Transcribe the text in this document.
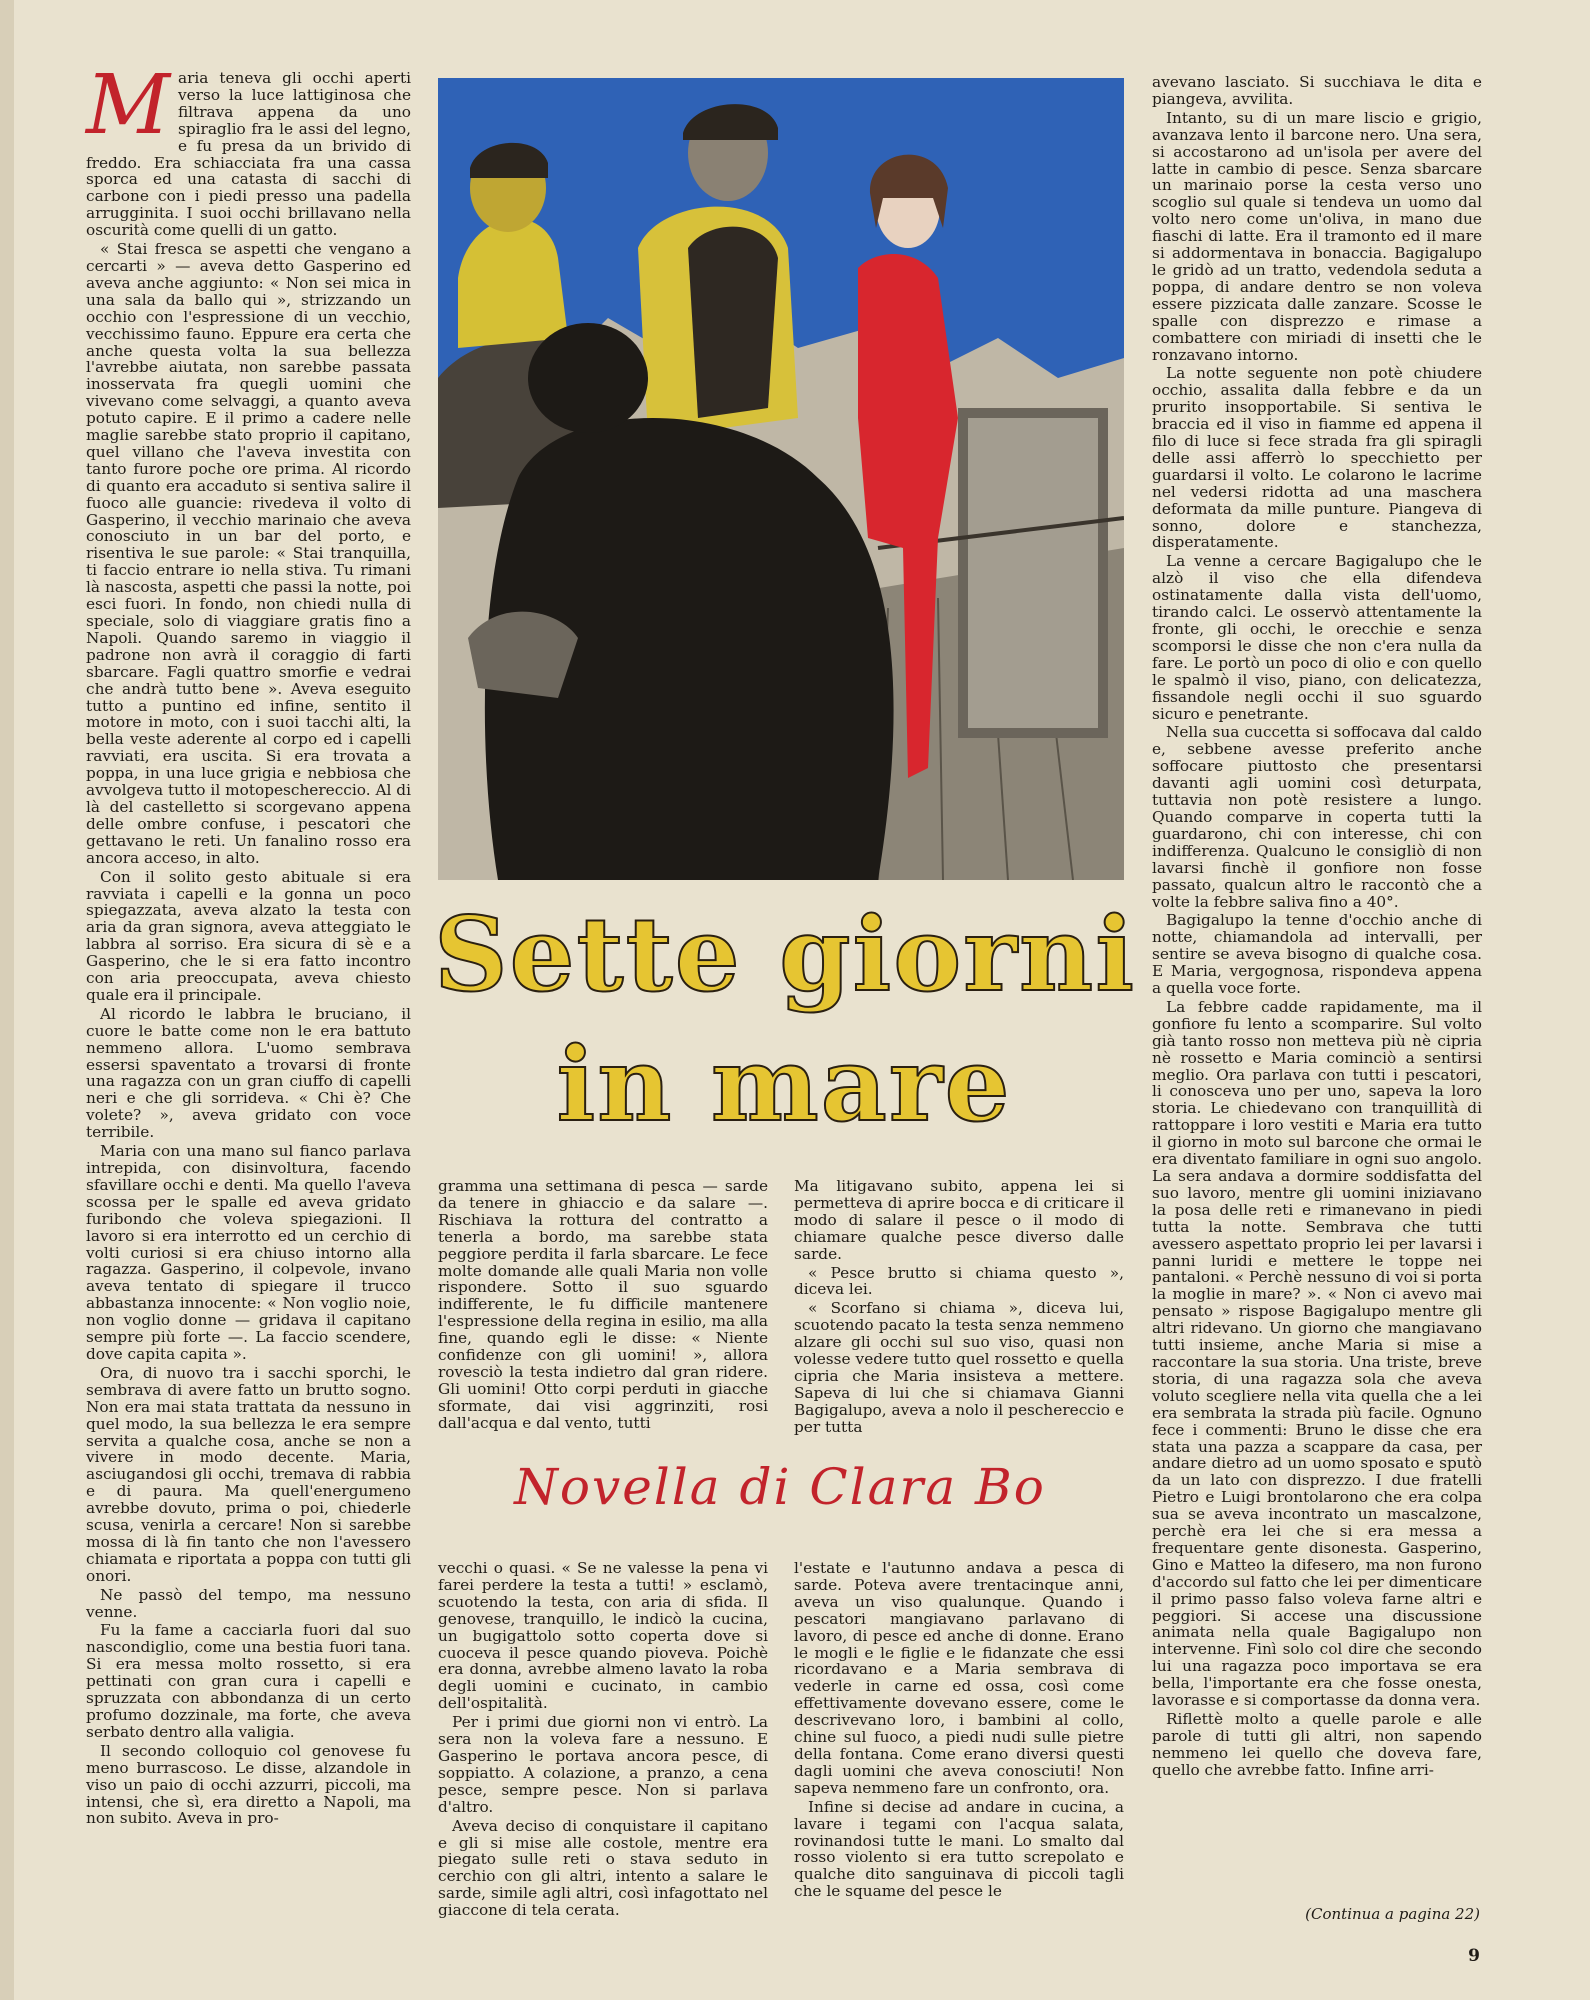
M aria teneva gli occhi aperti verso la luce lattiginosa che filtrava appena da uno spiraglio fra le assi del legno, e fu presa da un brivido di freddo. Era schiacciata fra una cassa sporca ed una catasta di sacchi di carbone con i piedi presso una padella arrugginita. I suoi occhi brillavano nella oscurità come quelli di un gatto.

« Stai fresca se aspetti che vengano a cercarti » — aveva detto Gasperino ed aveva anche aggiunto: « Non sei mica in una sala da ballo qui », strizzando un occhio con l'espressione di un vecchio, vecchissimo fauno. Eppure era certa che anche questa volta la sua bellezza l'avrebbe aiutata, non sarebbe passata inosservata fra quegli uomini che vivevano come selvaggi, a quanto aveva potuto capire. E il primo a cadere nelle maglie sarebbe stato proprio il capitano, quel villano che l'aveva investita con tanto furore poche ore prima. Al ricordo di quanto era accaduto si sentiva salire il fuoco alle guancie: rivedeva il volto di Gasperino, il vecchio marinaio che aveva conosciuto in un bar del porto, e risentiva le sue parole: « Stai tranquilla, ti faccio entrare io nella stiva. Tu rimani là nascosta, aspetti che passi la notte, poi esci fuori. In fondo, non chiedi nulla di speciale, solo di viaggiare gratis fino a Napoli. Quando saremo in viaggio il padrone non avrà il coraggio di farti sbarcare. Fagli quattro smorfie e vedrai che andrà tutto bene ». Aveva eseguito tutto a puntino ed infine, sentito il motore in moto, con i suoi tacchi alti, la bella veste aderente al corpo ed i capelli ravviati, era uscita. Si era trovata a poppa, in una luce grigia e nebbiosa che avvolgeva tutto il motopeschereccio. Al di là del castelletto si scorgevano appena delle ombre confuse, i pescatori che gettavano le reti. Un fanalino rosso era ancora acceso, in alto.

Con il solito gesto abituale si era ravviata i capelli e la gonna un poco spiegazzata, aveva alzato la testa con aria da gran signora, aveva atteggiato le labbra al sorriso. Era sicura di sè e a Gasperino, che le si era fatto incontro con aria preoccupata, aveva chiesto quale era il principale.

Al ricordo le labbra le bruciano, il cuore le batte come non le era battuto nemmeno allora. L'uomo sembrava essersi spaventato a trovarsi di fronte una ragazza con un gran ciuffo di capelli neri e che gli sorrideva. « Chi è? Che volete? », aveva gridato con voce terribile.

Maria con una mano sul fianco parlava intrepida, con disinvoltura, facendo sfavillare occhi e denti. Ma quello l'aveva scossa per le spalle ed aveva gridato furibondo che voleva spiegazioni. Il lavoro si era interrotto ed un cerchio di volti curiosi si era chiuso intorno alla ragazza. Gasperino, il colpevole, invano aveva tentato di spiegare il trucco abbastanza innocente: « Non voglio noie, non voglio donne — gridava il capitano sempre più forte —. La faccio scendere, dove capita capita ».

Ora, di nuovo tra i sacchi sporchi, le sembrava di avere fatto un brutto sogno. Non era mai stata trattata da nessuno in quel modo, la sua bellezza le era sempre servita a qualche cosa, anche se non a vivere in modo decente. Maria, asciugandosi gli occhi, tremava di rabbia e di paura. Ma quell'energumeno avrebbe dovuto, prima o poi, chiederle scusa, venirla a cercare! Non si sarebbe mossa di là fin tanto che non l'avessero chiamata e riportata a poppa con tutti gli onori.

Ne passò del tempo, ma nessuno venne.

Fu la fame a cacciarla fuori dal suo nascondiglio, come una bestia fuori tana. Si era messa molto rossetto, si era pettinati con gran cura i capelli e spruzzata con abbondanza di un certo profumo dozzinale, ma forte, che aveva serbato dentro alla valigia.

Il secondo colloquio col genovese fu meno burrascoso. Le disse, alzandole in viso un paio di occhi azzurri, piccoli, ma intensi, che sì, era diretto a Napoli, ma non subito. Aveva in pro-

Sette giorni
in mare

gramma una settimana di pesca — sarde da tenere in ghiaccio e da salare —. Rischiava la rottura del contratto a tenerla a bordo, ma sarebbe stata peggiore perdita il farla sbarcare. Le fece molte domande alle quali Maria non volle rispondere. Sotto il suo sguardo indifferente, le fu difficile mantenere l'espressione della regina in esilio, ma alla fine, quando egli le disse: « Niente confidenze con gli uomini! », allora rovesciò la testa indietro dal gran ridere. Gli uomini! Otto corpi perduti in giacche sformate, dai visi aggrinziti, rosi dall'acqua e dal vento, tutti

Ma litigavano subito, appena lei si permetteva di aprire bocca e di criticare il modo di salare il pesce o il modo di chiamare qualche pesce diverso dalle sarde.

« Pesce brutto si chiama questo », diceva lei.

« Scorfano si chiama », diceva lui, scuotendo pacato la testa senza nemmeno alzare gli occhi sul suo viso, quasi non volesse vedere tutto quel rossetto e quella cipria che Maria insisteva a mettere. Sapeva di lui che si chiamava Gianni Bagigalupo, aveva a nolo il peschereccio e per tutta

Novella di Clara Bo

vecchi o quasi. « Se ne valesse la pena vi farei perdere la testa a tutti! » esclamò, scuotendo la testa, con aria di sfida. Il genovese, tranquillo, le indicò la cucina, un bugigattolo sotto coperta dove si cuoceva il pesce quando pioveva. Poichè era donna, avrebbe almeno lavato la roba degli uomini e cucinato, in cambio dell'ospitalità.

Per i primi due giorni non vi entrò. La sera non la voleva fare a nessuno. E Gasperino le portava ancora pesce, di soppiatto. A colazione, a pranzo, a cena pesce, sempre pesce. Non si parlava d'altro.

Aveva deciso di conquistare il capitano e gli si mise alle costole, mentre era piegato sulle reti o stava seduto in cerchio con gli altri, intento a salare le sarde, simile agli altri, così infagottato nel giaccone di tela cerata.

l'estate e l'autunno andava a pesca di sarde. Poteva avere trentacinque anni, aveva un viso qualunque. Quando i pescatori mangiavano parlavano di lavoro, di pesce ed anche di donne. Erano le mogli e le figlie e le fidanzate che essi ricordavano e a Maria sembrava di vederle in carne ed ossa, così come effettivamente dovevano essere, come le descrivevano loro, i bambini al collo, chine sul fuoco, a piedi nudi sulle pietre della fontana. Come erano diversi questi dagli uomini che aveva conosciuti! Non sapeva nemmeno fare un confronto, ora.

Infine si decise ad andare in cucina, a lavare i tegami con l'acqua salata, rovinandosi tutte le mani. Lo smalto dal rosso violento si era tutto screpolato e qualche dito sanguinava di piccoli tagli che le squame del pesce le

avevano lasciato. Si succhiava le dita e piangeva, avvilita.

Intanto, su di un mare liscio e grigio, avanzava lento il barcone nero. Una sera, si accostarono ad un'isola per avere del latte in cambio di pesce. Senza sbarcare un marinaio porse la cesta verso uno scoglio sul quale si tendeva un uomo dal volto nero come un'oliva, in mano due fiaschi di latte. Era il tramonto ed il mare si addormentava in bonaccia. Bagigalupo le gridò ad un tratto, vedendola seduta a poppa, di andare dentro se non voleva essere pizzicata dalle zanzare. Scosse le spalle con disprezzo e rimase a combattere con miriadi di insetti che le ronzavano intorno.

La notte seguente non potè chiudere occhio, assalita dalla febbre e da un prurito insopportabile. Si sentiva le braccia ed il viso in fiamme ed appena il filo di luce si fece strada fra gli spiragli delle assi afferrò lo specchietto per guardarsi il volto. Le colarono le lacrime nel vedersi ridotta ad una maschera deformata da mille punture. Piangeva di sonno, dolore e stanchezza, disperatamente.

La venne a cercare Bagigalupo che le alzò il viso che ella difendeva ostinatamente dalla vista dell'uomo, tirando calci. Le osservò attentamente la fronte, gli occhi, le orecchie e senza scomporsi le disse che non c'era nulla da fare. Le portò un poco di olio e con quello le spalmò il viso, piano, con delicatezza, fissandole negli occhi il suo sguardo sicuro e penetrante.

Nella sua cuccetta si soffocava dal caldo e, sebbene avesse preferito anche soffocare piuttosto che presentarsi davanti agli uomini così deturpata, tuttavia non potè resistere a lungo. Quando comparve in coperta tutti la guardarono, chi con interesse, chi con indifferenza. Qualcuno le consigliò di non lavarsi finchè il gonfiore non fosse passato, qualcun altro le raccontò che a volte la febbre saliva fino a 40°.

Bagigalupo la tenne d'occhio anche di notte, chiamandola ad intervalli, per sentire se aveva bisogno di qualche cosa. E Maria, vergognosa, rispondeva appena a quella voce forte.

La febbre cadde rapidamente, ma il gonfiore fu lento a scomparire. Sul volto già tanto rosso non metteva più nè cipria nè rossetto e Maria cominciò a sentirsi meglio. Ora parlava con tutti i pescatori, li conosceva uno per uno, sapeva la loro storia. Le chiedevano con tranquillità di rattoppare i loro vestiti e Maria era tutto il giorno in moto sul barcone che ormai le era diventato familiare in ogni suo angolo. La sera andava a dormire soddisfatta del suo lavoro, mentre gli uomini iniziavano la posa delle reti e rimanevano in piedi tutta la notte. Sembrava che tutti avessero aspettato proprio lei per lavarsi i panni luridi e mettere le toppe nei pantaloni. « Perchè nessuno di voi si porta la moglie in mare? ». « Non ci avevo mai pensato » rispose Bagigalupo mentre gli altri ridevano. Un giorno che mangiavano tutti insieme, anche Maria si mise a raccontare la sua storia. Una triste, breve storia, di una ragazza sola che aveva voluto scegliere nella vita quella che a lei era sembrata la strada più facile. Ognuno fece i commenti: Bruno le disse che era stata una pazza a scappare da casa, per andare dietro ad un uomo sposato e sputò da un lato con disprezzo. I due fratelli Pietro e Luigi brontolarono che era colpa sua se aveva incontrato un mascalzone, perchè era lei che si era messa a frequentare gente disonesta. Gasperino, Gino e Matteo la difesero, ma non furono d'accordo sul fatto che lei per dimenticare il primo passo falso voleva farne altri e peggiori. Si accese una discussione animata nella quale Bagigalupo non intervenne. Finì solo col dire che secondo lui una ragazza poco importava se era bella, l'importante era che fosse onesta, lavorasse e si comportasse da donna vera.

Riflettè molto a quelle parole e alle parole di tutti gli altri, non sapendo nemmeno lei quello che doveva fare, quello che avrebbe fatto. Infine arri-

(Continua a pagina 22)
9
